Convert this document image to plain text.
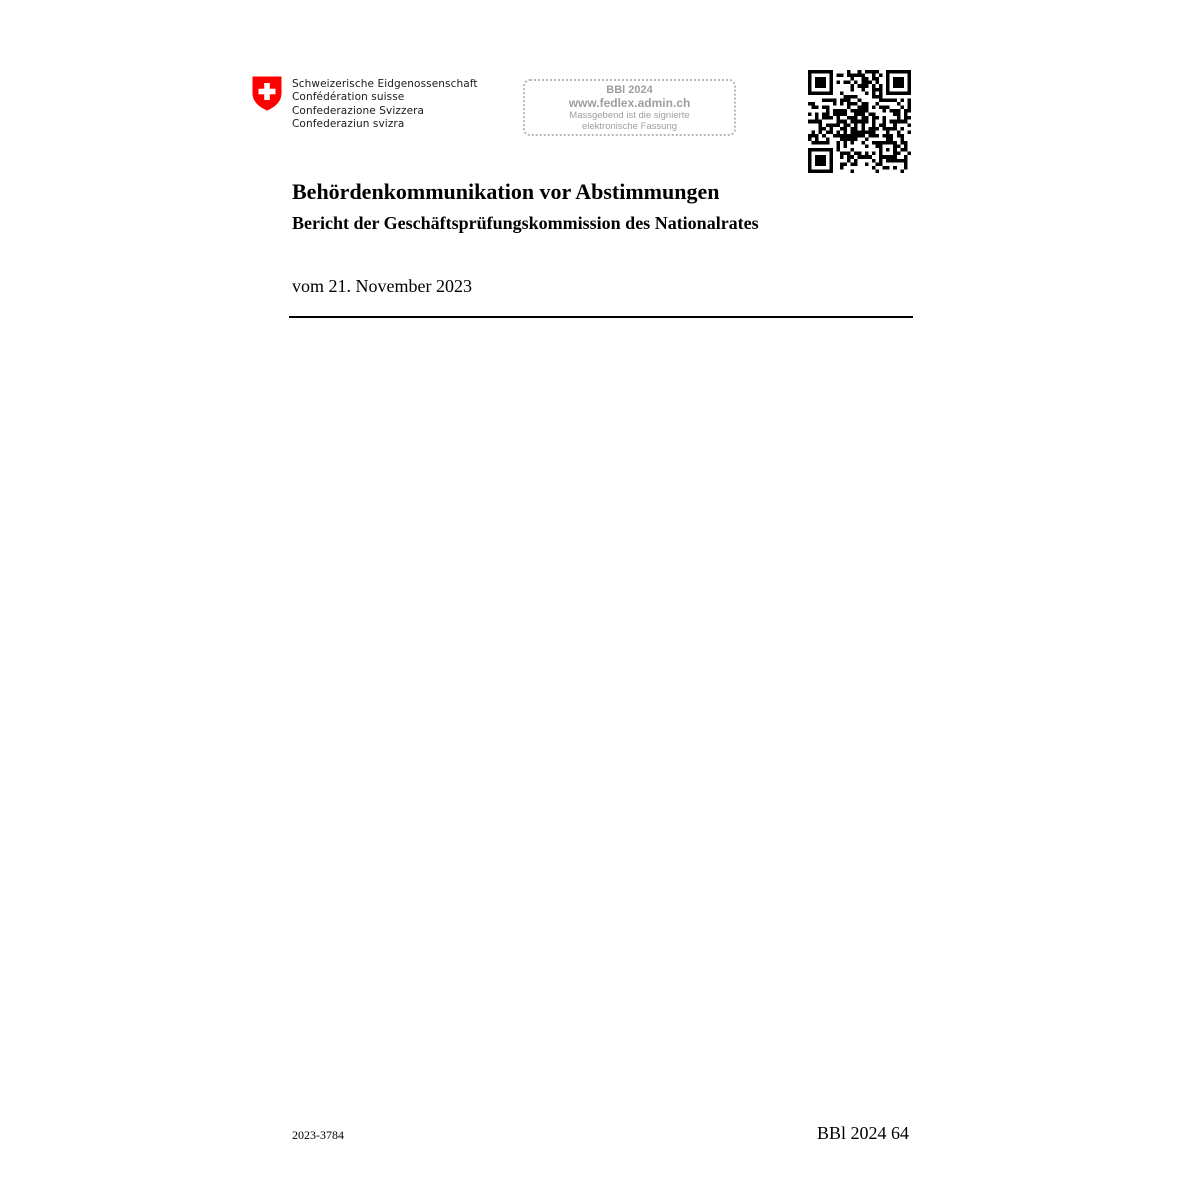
Schweizerische Eidgenossenschaft
Confédération suisse
Confederazione Svizzera
Confederaziun svizra
BBl 2024
www.fedlex.admin.ch
Massgebend ist die signierte
elektronische Fassung
Behördenkommunikation vor Abstimmungen
Bericht der Geschäftsprüfungskommission des Nationalrates
vom 21. November 2023
2023-3784	BBl 2024 64
